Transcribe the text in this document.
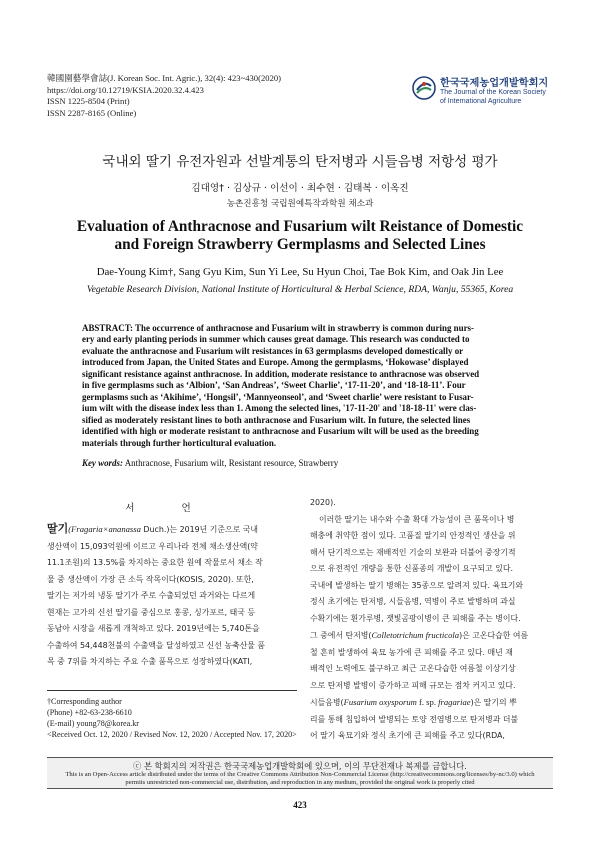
韓國園藝學會誌(J. Korean Soc. Int. Agric.), 32(4): 423~430(2020)
https://doi.org/10.12719/KSIA.2020.32.4.423
ISSN 1225-8504 (Print)
ISSN 2287-8165 (Online)
한국국제농업개발학회지
The Journal of the Korean Society
of International Agriculture
국내외 딸기 유전자원과 선발계통의 탄저병과 시들음병 저항성 평가
김대영† · 김상규 · 이선이 · 최수현 · 김태복 · 이옥진
농촌진흥청 국립원예특작과학원 채소과
Evaluation of Anthracnose and Fusarium wilt Reistance of Domestic
and Foreign Strawberry Germplasms and Selected Lines
Dae-Young Kim†, Sang Gyu Kim, Sun Yi Lee, Su Hyun Choi, Tae Bok Kim, and Oak Jin Lee
Vegetable Research Division, National Institute of Horticultural & Herbal Science, RDA, Wanju, 55365, Korea
ABSTRACT: The occurrence of anthracnose and Fusarium wilt in strawberry is common during nurs-
ery and early planting periods in summer which causes great damage. This research was conducted to
evaluate the anthracnose and Fusarium wilt resistances in 63 germplasms developed domestically or
introduced from Japan, the United States and Europe. Among the germplasms, ‘Hokowase’ displayed
significant resistance against anthracnose. In addition, moderate resistance to anthracnose was observed
in five germplasms such as ‘Albion’, ‘San Andreas’, ‘Sweet Charlie’, ‘17-11-20’, and ‘18-18-11’. Four
germplasms such as ‘Akihime’, ‘Hongsil’, ‘Mannyeonseol’, and ‘Sweet charlie’ were resistant to Fusar-
ium wilt with the disease index less than 1. Among the selected lines, '17-11-20' and '18-18-11' were clas-
sified as moderately resistant lines to both anthracnose and Fusarium wilt. In future, the selected lines
identified with high or moderate resistant to anthracnose and Fusarium wilt will be used as the breeding
materials through further horticultural evaluation.
Key words: Anthracnose, Fusarium wilt, Resistant resource, Strawberry
서 언
딸기(Fragaria×ananassa Duch.)는 2019년 기준으로 국내
생산액이 15,093억원에 이르고 우리나라 전체 채소생산액(약
11.1조원)의 13.5%를 차지하는 중요한 원예 작물로서 채소 작
물 중 생산액이 가장 큰 소득 작목이다(KOSIS, 2020). 또한,
딸기는 저가의 냉동 딸기가 주로 수출되었던 과거와는 다르게
현재는 고가의 신선 딸기를 중심으로 홍콩, 싱가포르, 태국 등
동남아 시장을 새롭게 개척하고 있다. 2019년에는 5,740톤을
수출하여 54,448천불의 수출액을 달성하였고 신선 농축산물 품
목 중 7위를 차지하는 주요 수출 품목으로 성장하였다(KATI,
†Corresponding author
(Phone) +82-63-238-6610
(E-mail) young78@korea.kr
<Received Oct. 12, 2020 / Revised Nov. 12, 2020 / Accepted Nov. 17, 2020>
2020).
이러한 딸기는 내수와 수출 확대 가능성이 큰 품목이나 병
해충에 취약한 점이 있다. 고품질 딸기의 안정적인 생산을 위
해서 단기적으로는 재배적인 기술의 보완과 더불어 중장기적
으로 유전적인 개량을 통한 신품종의 개발이 요구되고 있다.
국내에 발생하는 딸기 병해는 35종으로 알려져 있다. 육묘기와
정식 초기에는 탄저병, 시들음병, 역병이 주로 발병하며 과실
수확기에는 흰가루병, 잿빛곰팡이병이 큰 피해를 주는 병이다.
그 중에서 탄저병(Colletotrichum fructicola)은 고온다습한 여름
철 흔히 발생하여 육묘 농가에 큰 피해를 주고 있다. 매년 재
배적인 노력에도 불구하고 최근 고온다습한 여름철 이상기상
으로 탄저병 발병이 증가하고 피해 규모는 점차 커지고 있다.
시들음병(Fusarium oxysporum f. sp. fragariae)은 딸기의 뿌
리를 통해 침입하여 발병되는 토양 전염병으로 탄저병과 더불
어 딸기 육묘기와 정식 초기에 큰 피해를 주고 있다(RDA,
ⓒ 본 학회지의 저작권은 한국국제농업개발학회에 있으며, 이의 무단전재나 복제를 금합니다.
This is an Open-Access article distributed under the terms of the Creative Commons Attribution Non-Commercial License (http://creativecommons.org/licenses/by-nc/3.0) which
permits unrestricted non-commercial use, distribution, and reproduction in any medium, provided the original work is properly cited
423
